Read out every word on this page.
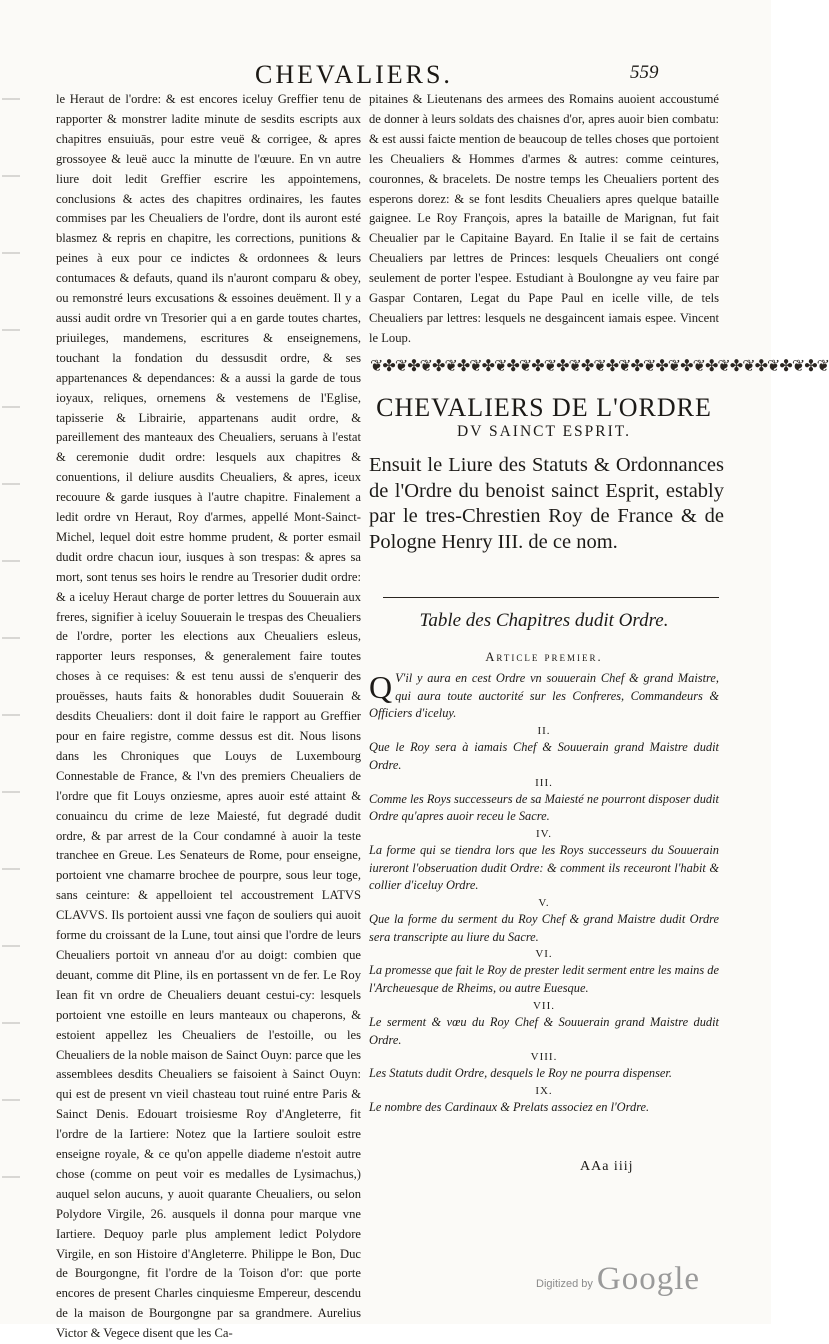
CHEVALIERS.	559

le Heraut de l'ordre: & est encores iceluy Greffier tenu de rapporter & monstrer ladite minute de sesdits escripts aux chapitres ensuiuās, pour estre veuë & corrigee, & apres grossoyee & leuë aucc la minutte de l'œuure. En vn autre liure doit ledit Greffier escrire les appointemens, conclusions & actes des chapitres ordinaires, les fautes commises par les Cheualiers de l'ordre, dont ils auront esté blasmez & repris en chapitre, les corrections, punitions & peines à eux pour ce indictes & ordonnees & leurs contumaces & defauts, quand ils n'auront comparu & obey, ou remonstré leurs excusations & essoines deuëment. Il y a aussi audit ordre vn Tresorier qui a en garde toutes chartes, priuileges, mandemens, escritures & enseignemens, touchant la fondation du dessusdit ordre, & ses appartenances & dependances: & a aussi la garde de tous ioyaux, reliques, ornemens & vestemens de l'Eglise, tapisserie & Librairie, appartenans audit ordre, & pareillement des manteaux des Cheualiers, seruans à l'estat & ceremonie dudit ordre: lesquels aux chapitres & conuentions, il deliure ausdits Cheualiers, & apres, iceux recouure & garde iusques à l'autre chapitre. Finalement a ledit ordre vn Heraut, Roy d'armes, appellé Mont-Sainct-Michel, lequel doit estre homme prudent, & porter esmail dudit ordre chacun iour, iusques à son trespas: & apres sa mort, sont tenus ses hoirs le rendre au Tresorier dudit ordre: & a iceluy Heraut charge de porter lettres du Souuerain aux freres, signifier à iceluy Souuerain le trespas des Cheualiers de l'ordre, porter les elections aux Cheualiers esleus, rapporter leurs responses, & generalement faire toutes choses à ce requises: & est tenu aussi de s'enquerir des prouësses, hauts faits & honorables dudit Souuerain & desdits Cheualiers: dont il doit faire le rapport au Greffier pour en faire registre, comme dessus est dit. Nous lisons dans les Chroniques que Louys de Luxembourg Connestable de France, & l'vn des premiers Cheualiers de l'ordre que fit Louys onziesme, apres auoir esté attaint & conuaincu du crime de leze Maiesté, fut degradé dudit ordre, & par arrest de la Cour condamné à auoir la teste tranchee en Greue. Les Senateurs de Rome, pour enseigne, portoient vne chamarre brochee de pourpre, sous leur toge, sans ceinture: & appelloient tel accoustrement LATVS CLAVVS. Ils portoient aussi vne façon de souliers qui auoit forme du croissant de la Lune, tout ainsi que l'ordre de leurs Cheualiers portoit vn anneau d'or au doigt: combien que deuant, comme dit Pline, ils en portassent vn de fer. Le Roy Iean fit vn ordre de Cheualiers deuant cestui-cy: lesquels portoient vne estoille en leurs manteaux ou chaperons, & estoient appellez les Cheualiers de l'estoille, ou les Cheualiers de la noble maison de Sainct Ouyn: parce que les assemblees desdits Cheualiers se faisoient à Sainct Ouyn: qui est de present vn vieil chasteau tout ruiné entre Paris & Sainct Denis. Edouart troisiesme Roy d'Angleterre, fit l'ordre de la Iartiere: Notez que la Iartiere souloit estre enseigne royale, & ce qu'on appelle diademe n'estoit autre chose (comme on peut voir es medalles de Lysimachus,) auquel selon aucuns, y auoit quarante Cheualiers, ou selon Polydore Virgile, 26. ausquels il donna pour marque vne Iartiere. Dequoy parle plus amplement ledict Polydore Virgile, en son Histoire d'Angleterre. Philippe le Bon, Duc de Bourgongne, fit l'ordre de la Toison d'or: que porte encores de present Charles cinquiesme Empereur, descendu de la maison de Bourgongne par sa grandmere. Aurelius Victor & Vegece disent que les Ca-

pitaines & Lieutenans des armees des Romains auoient accoustumé de donner à leurs soldats des chaisnes d'or, apres auoir bien combatu: & est aussi faicte mention de beaucoup de telles choses que portoient les Cheualiers & Hommes d'armes & autres: comme ceintures, couronnes, & bracelets. De nostre temps les Cheualiers portent des esperons dorez: & se font lesdits Cheualiers apres quelque bataille gaignee. Le Roy François, apres la bataille de Marignan, fut fait Cheualier par le Capitaine Bayard. En Italie il se fait de certains Cheualiers par lettres de Princes: lesquels Cheualiers ont congé seulement de porter l'espee. Estudiant à Boulongne ay veu faire par Gaspar Contaren, Legat du Pape Paul en icelle ville, de tels Cheualiers par lettres: lesquels ne desgaincent iamais espee. Vincent le Loup.

❦✤❦✤❦✤❦✤❦✤❦✤❦✤❦✤❦✤❦✤❦✤❦✤❦✤❦✤❦✤❦✤❦✤❦✤❦
CHEVALIERS DE L'ORDRE
DV SAINCT ESPRIT.
Ensuit le Liure des Statuts & Ordonnances de l'Ordre du benoist sainct Esprit, estably par le tres-Chrestien Roy de France & de Pologne Henry III. de ce nom.
Table des Chapitres dudit Ordre.
Article premier.

QV'il y aura en cest Ordre vn souuerain Chef & grand Maistre, qui aura toute auctorité sur les Confreres, Commandeurs & Officiers d'iceluy.

II.

Que le Roy sera à iamais Chef & Souuerain grand Maistre dudit Ordre.

III.

Comme les Roys successeurs de sa Maiesté ne pourront disposer dudit Ordre qu'apres auoir receu le Sacre.

IV.

La forme qui se tiendra lors que les Roys successeurs du Souuerain iureront l'obseruation dudit Ordre: & comment ils receuront l'habit & collier d'iceluy Ordre.

V.

Que la forme du serment du Roy Chef & grand Maistre dudit Ordre sera transcripte au liure du Sacre.

VI.

La promesse que fait le Roy de prester ledit serment entre les mains de l'Archeuesque de Rheims, ou autre Euesque.

VII.

Le serment & vœu du Roy Chef & Souuerain grand Maistre dudit Ordre.

VIII.

Les Statuts dudit Ordre, desquels le Roy ne pourra dispenser.

IX.

Le nombre des Cardinaux & Prelats associez en l'Ordre.

AAa iiij
Digitized by Google
